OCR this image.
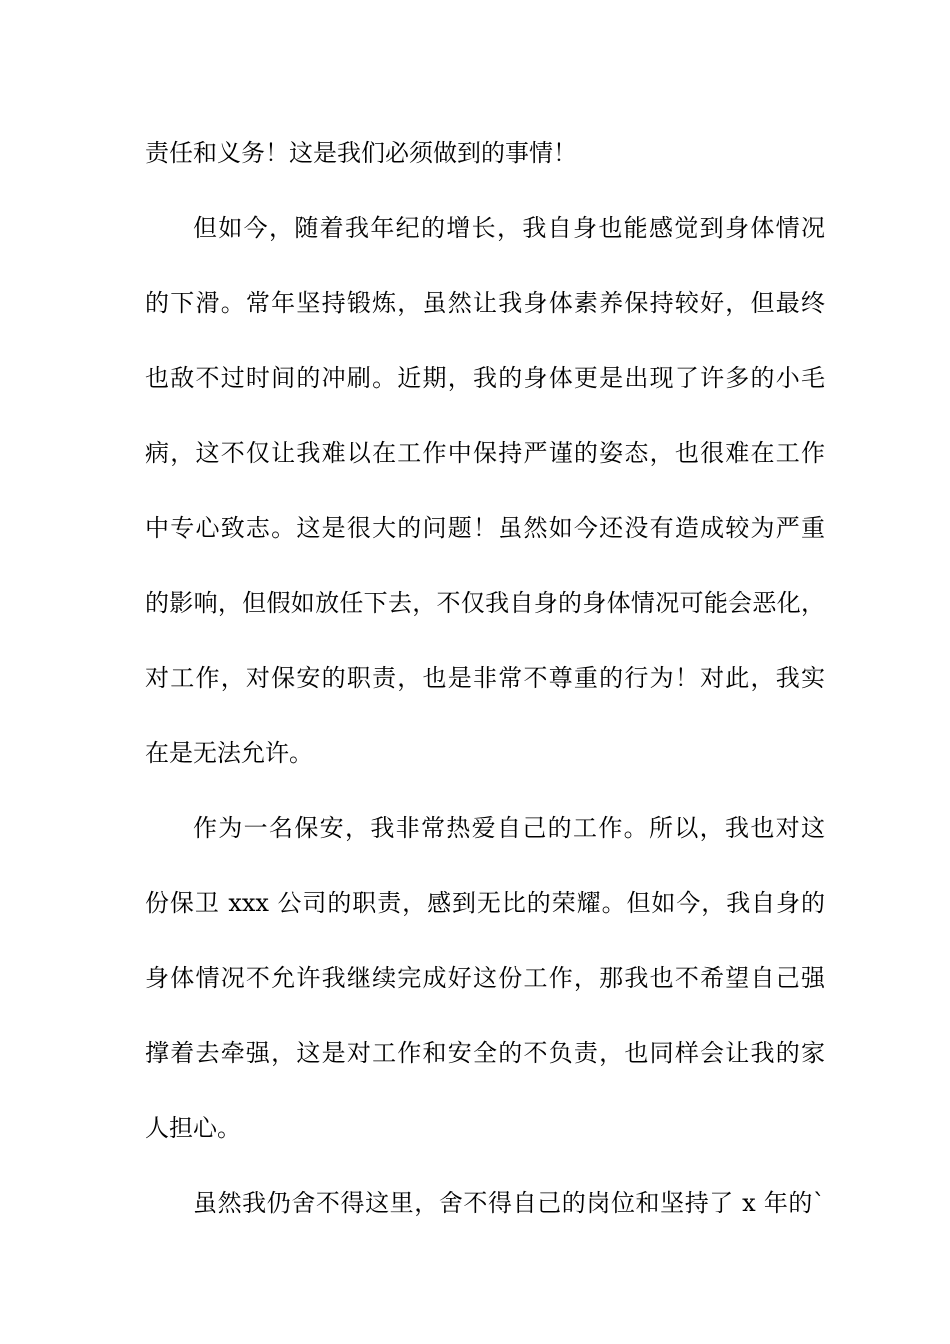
责任和义务！这是我们必须做到的事情！
但如今，随着我年纪的增长，我自身也能感觉到身体情况
的下滑。常年坚持锻炼，虽然让我身体素养保持较好，但最终
也敌不过时间的冲刷。近期，我的身体更是出现了许多的小毛
病，这不仅让我难以在工作中保持严谨的姿态，也很难在工作
中专心致志。这是很大的问题！虽然如今还没有造成较为严重
的影响，但假如放任下去，不仅我自身的身体情况可能会恶化，
对工作，对保安的职责，也是非常不尊重的行为！对此，我实
在是无法允许。
作为一名保安，我非常热爱自己的工作。所以，我也对这
份保卫 xxx 公司的职责，感到无比的荣耀。但如今，我自身的
身体情况不允许我继续完成好这份工作，那我也不希望自己强
撑着去牵强，这是对工作和安全的不负责，也同样会让我的家
人担心。
虽然我仍舍不得这里，舍不得自己的岗位和坚持了 x 年的`
